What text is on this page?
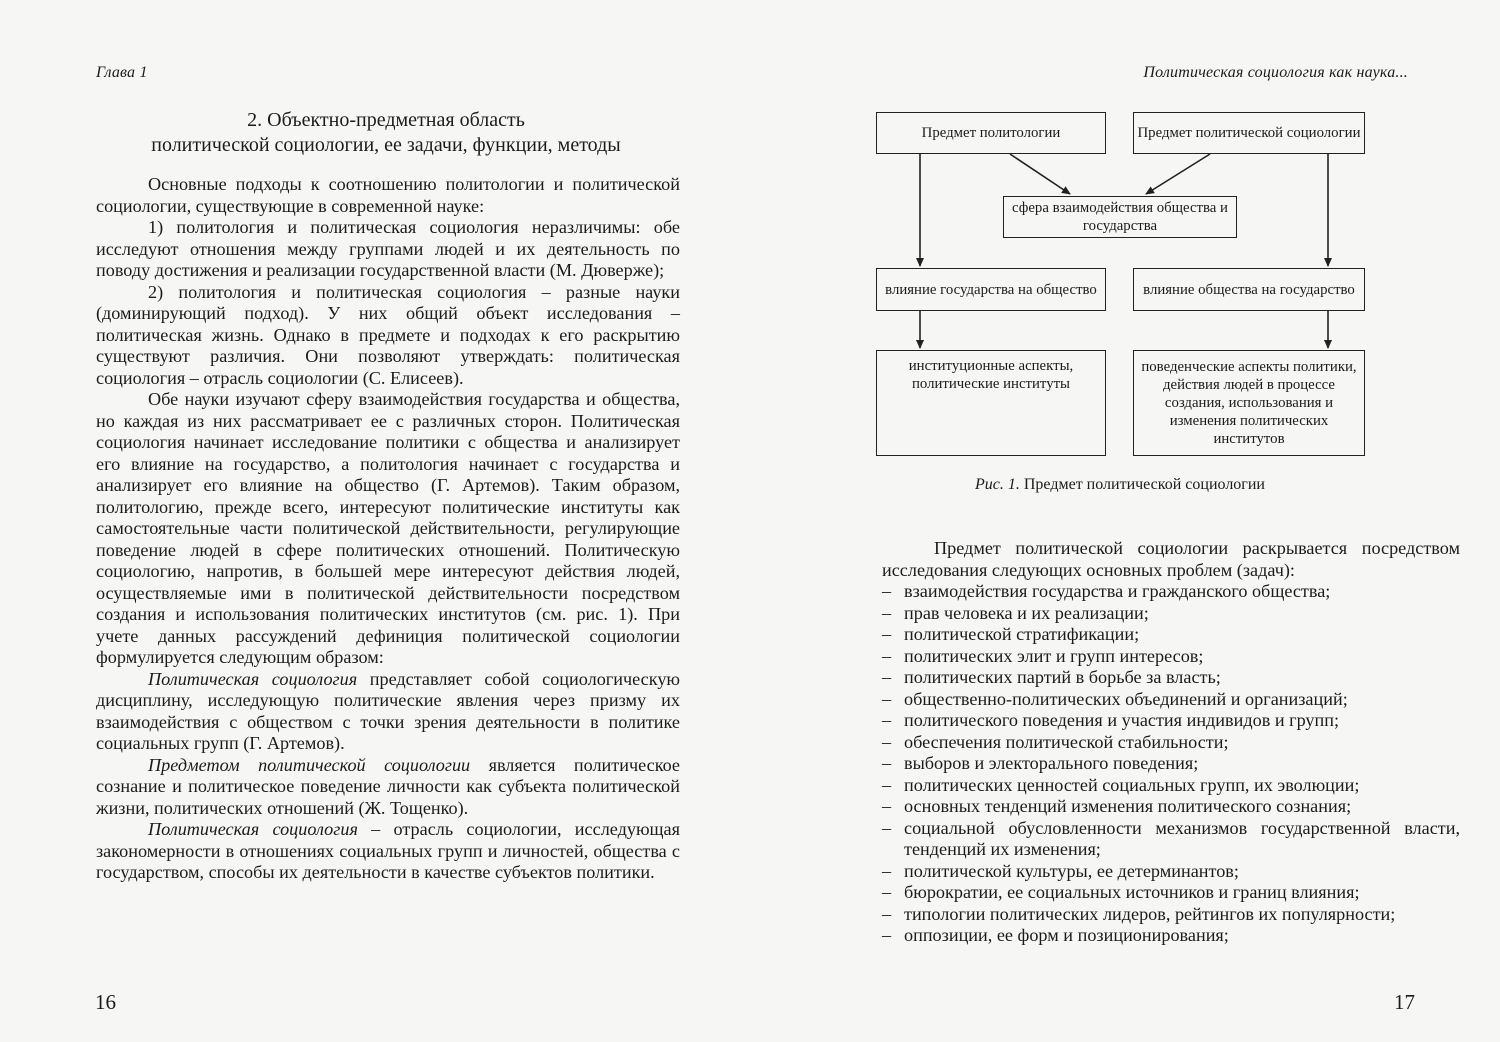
Глава 1
2. Объектно-предметная область
политической социологии, ее задачи, функции, методы

Основные подходы к соотношению политологии и политической социологии, существующие в современной науке:

1) политология и политическая социология неразличимы: обе исследуют отношения между группами людей и их деятельность по поводу достижения и реализации государственной власти (М. Дюверже);

2) политология и политическая социология – разные науки (доминирующий подход). У них общий объект исследования – политическая жизнь. Однако в предмете и подходах к его раскрытию существуют различия. Они позволяют утверждать: политическая социология – отрасль социологии (С. Елисеев).

Обе науки изучают сферу взаимодействия государства и общества, но каждая из них рассматривает ее с различных сторон. Политическая социология начинает исследование политики с общества и анализирует его влияние на государство, а политология начинает с государства и анализирует его влияние на общество (Г. Артемов). Таким образом, политологию, прежде всего, интересуют политические институты как самостоятельные части политической действительности, регулирующие поведение людей в сфере политических отношений. Политическую социологию, напротив, в большей мере интересуют действия людей, осуществляемые ими в политической действительности посредством создания и использования политических институтов (см. рис. 1). При учете данных рассуждений дефиниция политической социологии формулируется следующим образом:

Политическая социология представляет собой социологическую дисциплину, исследующую политические явления через призму их взаимодействия с обществом с точки зрения деятельности в политике социальных групп (Г. Артемов).

Предметом политической социологии является политическое сознание и политическое поведение личности как субъекта политической жизни, политических отношений (Ж. Тощенко).

Политическая социология – отрасль социологии, исследующая закономерности в отношениях социальных групп и личностей, общества с государством, способы их деятельности в качестве субъектов политики.

16
Политическая социология как наука...
Предмет политологии	Предмет политической социологии
сфера взаимодействия общества и государства
влияние государства на общество	влияние общества на государство
институционные аспекты, политические институты
поведенческие аспекты политики, действия людей в процессе создания, использования и изменения политических институтов
Рис. 1. Предмет политической социологии

Предмет политической социологии раскрывается посредством исследования следующих основных проблем (задач):

– взаимодействия государства и гражданского общества;
– прав человека и их реализации;
– политической стратификации;
– политических элит и групп интересов;
– политических партий в борьбе за власть;
– общественно-политических объединений и организаций;
– политического поведения и участия индивидов и групп;
– обеспечения политической стабильности;
– выборов и электорального поведения;
– политических ценностей социальных групп, их эволюции;
– основных тенденций изменения политического сознания;
– социальной обусловленности механизмов государственной власти, тенденций их изменения;
– политической культуры, ее детерминантов;
– бюрократии, ее социальных источников и границ влияния;
– типологии политических лидеров, рейтингов их популярности;
– оппозиции, ее форм и позиционирования;
17
